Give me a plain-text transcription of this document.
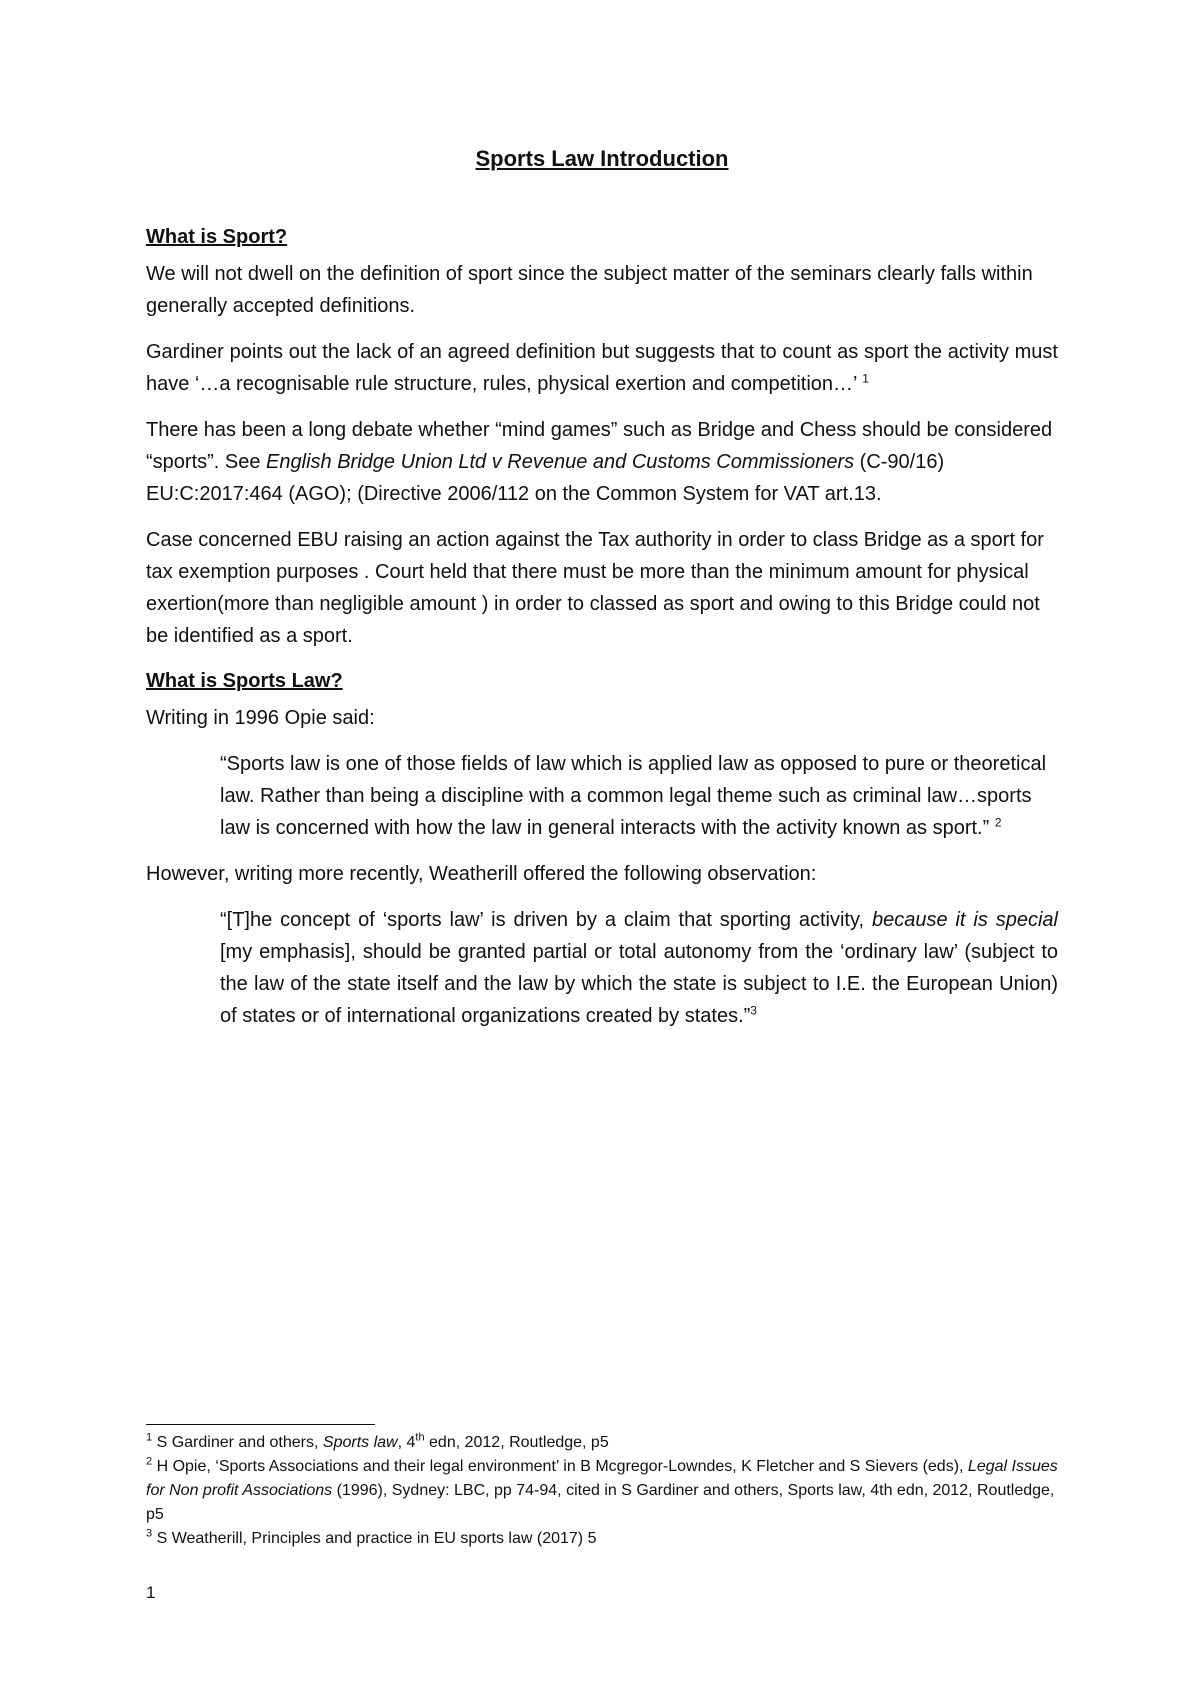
Sports Law Introduction
What is Sport?

We will not dwell on the definition of sport since the subject matter of the seminars clearly falls within generally accepted definitions.

Gardiner points out the lack of an agreed definition but suggests that to count as sport the activity must have ‘…a recognisable rule structure, rules, physical exertion and competition…’ $^1$

There has been a long debate whether “mind games” such as Bridge and Chess should be considered “sports”. See English Bridge Union Ltd v Revenue and Customs Commissioners (C-90/16) EU:C:2017:464 (AGO); (Directive 2006/112 on the Common System for VAT art.13.

Case concerned EBU raising an action against the Tax authority in order to class Bridge as a sport for tax exemption purposes . Court held that there must be more than the minimum amount for physical exertion(more than negligible amount ) in order to classed as sport and owing to this Bridge could not be identified as a sport.

What is Sports Law?

Writing in 1996 Opie said:

“Sports law is one of those fields of law which is applied law as opposed to pure or theoretical law. Rather than being a discipline with a common legal theme such as criminal law…sports law is concerned with how the law in general interacts with the activity known as sport.” $^2$

However, writing more recently, Weatherill offered the following observation:

“[T]he concept of ‘sports law’ is driven by a claim that sporting activity, because it is special [my emphasis], should be granted partial or total autonomy from the ‘ordinary law’ (subject to the law of the state itself and the law by which the state is subject to I.E. the European Union) of states or of international organizations created by states.”$^3$

$^1$ S Gardiner and others, Sports law, 4th edn, 2012, Routledge, p5

$^2$ H Opie, ‘Sports Associations and their legal environment’ in B Mcgregor-Lowndes, K Fletcher and S Sievers (eds), Legal Issues for Non profit Associations (1996), Sydney: LBC, pp 74-94, cited in S Gardiner and others, Sports law, 4th edn, 2012, Routledge, p5

$^3$ S Weatherill, Principles and practice in EU sports law (2017) 5

1
